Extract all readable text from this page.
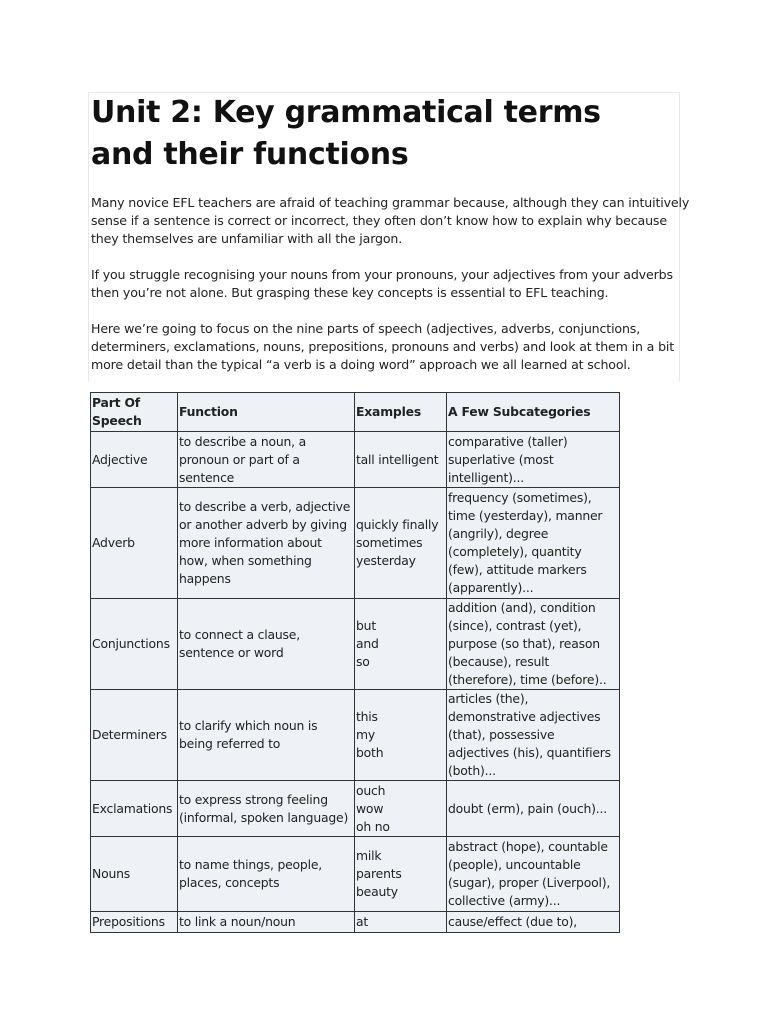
Unit 2: Key grammatical terms and their functions

Many novice EFL teachers are afraid of teaching grammar because, although they can intuitively sense if a sentence is correct or incorrect, they often don’t know how to explain why because they themselves are unfamiliar with all the jargon.

If you struggle recognising your nouns from your pronouns, your adjectives from your adverbs then you’re not alone. But grasping these key concepts is essential to EFL teaching.

Here we’re going to focus on the nine parts of speech (adjectives, adverbs, conjunctions, determiners, exclamations, nouns, prepositions, pronouns and verbs) and look at them in a bit more detail than the typical “a verb is a doing word” approach we all learned at school.

Part Of Speech	Function	Examples	A Few Subcategories
Adjective	to describe a noun, a pronoun or part of a sentence	tall intelligent	comparative (taller) superlative (most intelligent)...
Adverb	to describe a verb, adjective or another adverb by giving more information about how, when something happens	quickly finally sometimes yesterday	frequency (sometimes), time (yesterday), manner (angrily), degree (completely), quantity (few), attitude markers (apparently)...
Conjunctions	to connect a clause, sentence or word	but
and
so	addition (and), condition (since), contrast (yet), purpose (so that), reason (because), result (therefore), time (before)..
Determiners	to clarify which noun is being referred to	this
my
both	articles (the), demonstrative adjectives (that), possessive adjectives (his), quantifiers (both)...
Exclamations	to express strong feeling (informal, spoken language)	ouch
wow
oh no	doubt (erm), pain (ouch)...
Nouns	to name things, people, places, concepts	milk
parents
beauty	abstract (hope), countable (people), uncountable (sugar), proper (Liverpool), collective (army)...
Prepositions	to link a noun/noun	at	cause/effect (due to),
